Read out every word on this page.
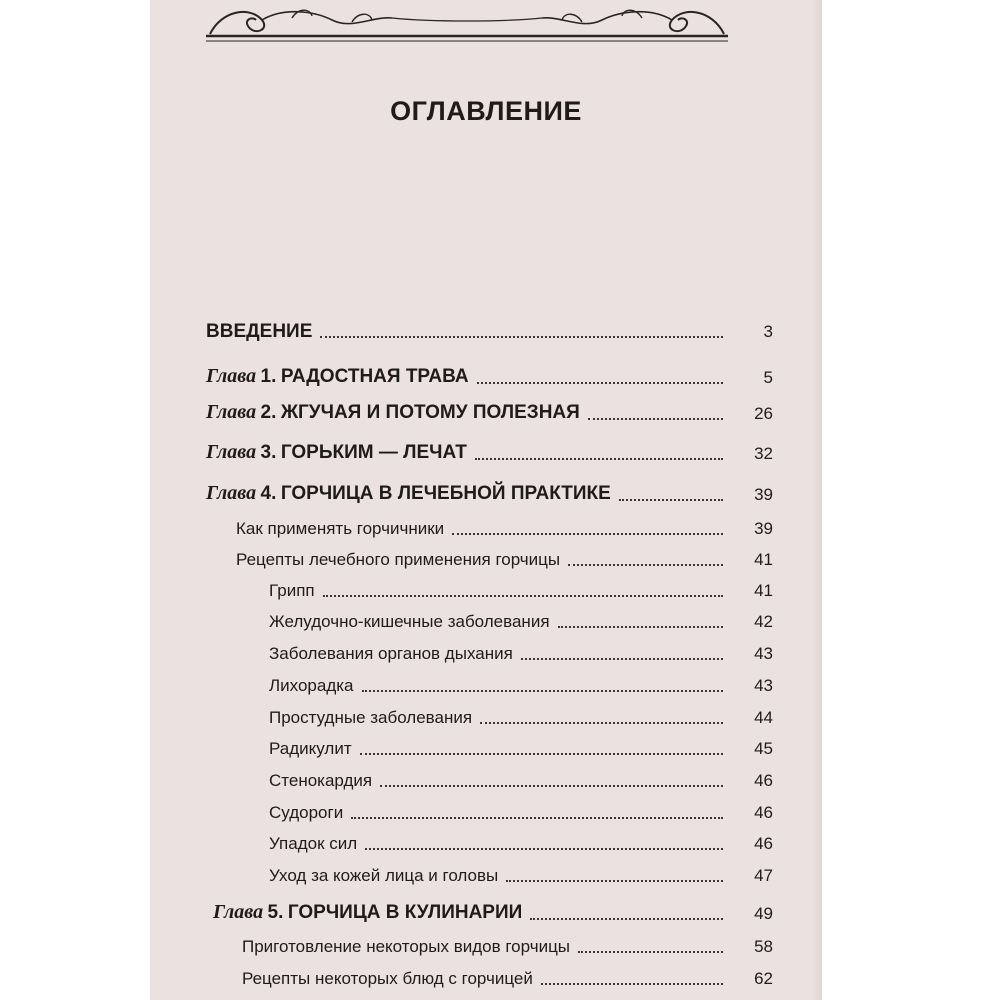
ОГЛАВЛЕНИЕ
ВВЕДЕНИЕ	3
Глава 1. РАДОСТНАЯ ТРАВА	5
Глава 2. ЖГУЧАЯ И ПОТОМУ ПОЛЕЗНАЯ	26
Глава 3. ГОРЬКИМ — ЛЕЧАТ	32
Глава 4. ГОРЧИЦА В ЛЕЧЕБНОЙ ПРАКТИКЕ	39
Как применять горчичники	39
Рецепты лечебного применения горчицы	41
Грипп	41
Желудочно-кишечные заболевания	42
Заболевания органов дыхания	43
Лихорадка	43
Простудные заболевания	44
Радикулит	45
Стенокардия	46
Судороги	46
Упадок сил	46
Уход за кожей лица и головы	47
Глава 5. ГОРЧИЦА В КУЛИНАРИИ	49
Приготовление некоторых видов горчицы	58
Рецепты некоторых блюд с горчицей	62
